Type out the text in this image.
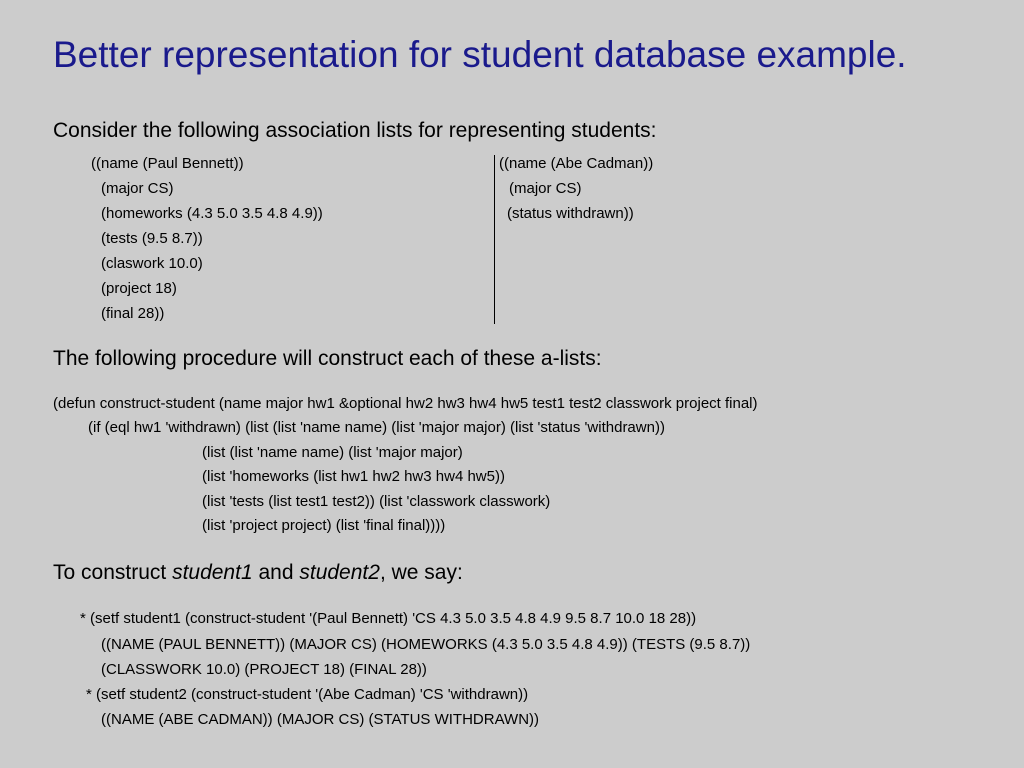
Better representation for student database example.

Consider the following association lists for representing students:

((name (Paul Bennett))

(major CS)

(homeworks (4.3 5.0 3.5 4.8 4.9))

(tests (9.5 8.7))

(claswork 10.0)

(project 18)

(final 28))

((name (Abe Cadman))

(major CS)

(status withdrawn))

The following procedure will construct each of these a-lists:

(defun construct-student (name major hw1 &optional hw2 hw3 hw4 hw5 test1 test2 classwork project final)

(if (eql hw1 'withdrawn) (list (list 'name name) (list 'major major) (list 'status 'withdrawn))

(list (list 'name name) (list 'major major)

(list 'homeworks (list hw1 hw2 hw3 hw4 hw5))

(list 'tests (list test1 test2)) (list 'classwork classwork)

(list 'project project) (list 'final final))))

To construct student1 and student2, we say:

* (setf student1 (construct-student '(Paul Bennett) 'CS 4.3 5.0 3.5 4.8 4.9 9.5 8.7 10.0 18 28))

((NAME (PAUL BENNETT)) (MAJOR CS) (HOMEWORKS (4.3 5.0 3.5 4.8 4.9)) (TESTS (9.5 8.7))

(CLASSWORK 10.0) (PROJECT 18) (FINAL 28))

* (setf student2 (construct-student '(Abe Cadman) 'CS 'withdrawn))

((NAME (ABE CADMAN)) (MAJOR CS) (STATUS WITHDRAWN))
